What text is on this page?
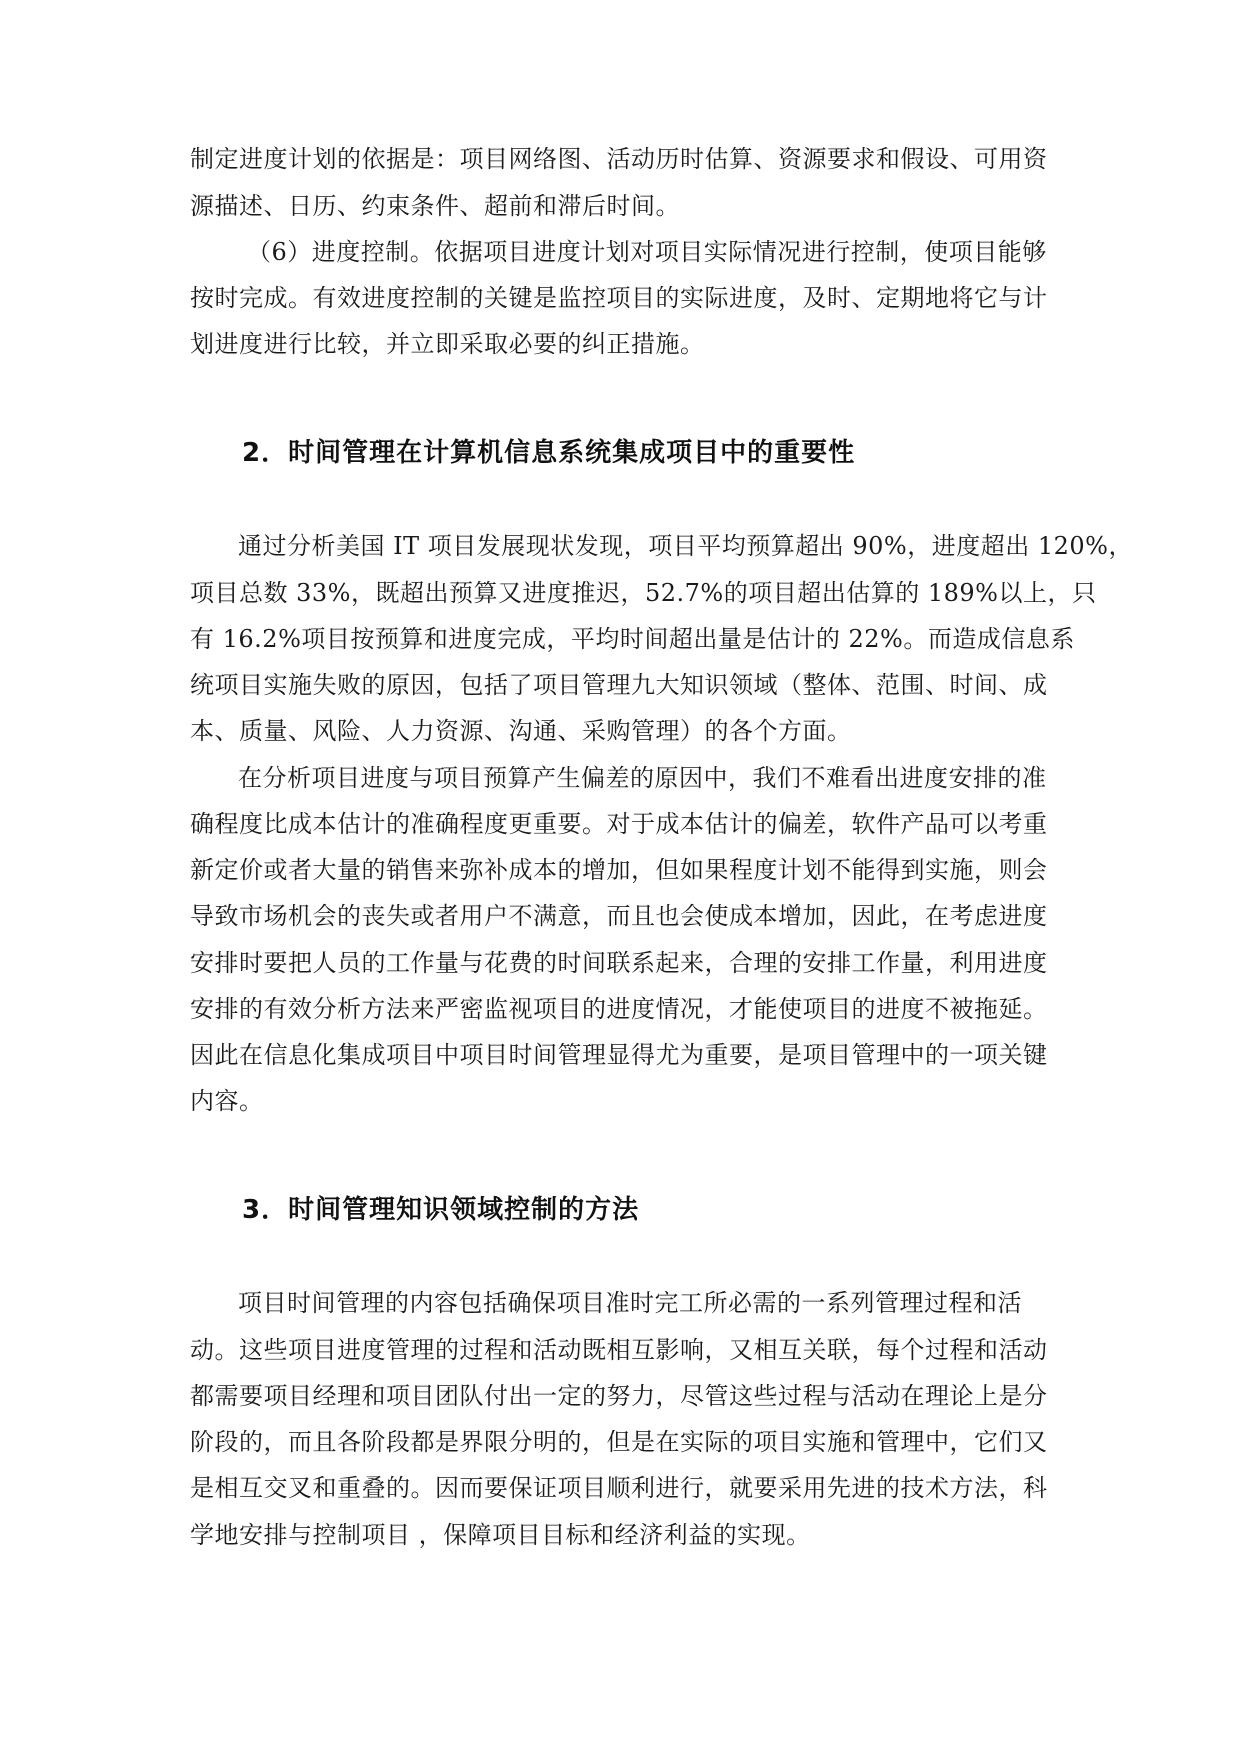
制定进度计划的依据是：项目网络图、活动历时估算、资源要求和假设、可用资
源描述、日历、约束条件、超前和滞后时间。
（6）进度控制。依据项目进度计划对项目实际情况进行控制，使项目能够
按时完成。有效进度控制的关键是监控项目的实际进度，及时、定期地将它与计
划进度进行比较，并立即采取必要的纠正措施。
2．时间管理在计算机信息系统集成项目中的重要性
通过分析美国 IT 项目发展现状发现，项目平均预算超出 90%，进度超出 120%，
项目总数 33%，既超出预算又进度推迟，52.7%的项目超出估算的 189%以上，只
有 16.2%项目按预算和进度完成，平均时间超出量是估计的 22%。而造成信息系
统项目实施失败的原因，包括了项目管理九大知识领域（整体、范围、时间、成
本、质量、风险、人力资源、沟通、采购管理）的各个方面。
在分析项目进度与项目预算产生偏差的原因中，我们不难看出进度安排的准
确程度比成本估计的准确程度更重要。对于成本估计的偏差，软件产品可以考重
新定价或者大量的销售来弥补成本的增加，但如果程度计划不能得到实施，则会
导致市场机会的丧失或者用户不满意，而且也会使成本增加，因此，在考虑进度
安排时要把人员的工作量与花费的时间联系起来，合理的安排工作量，利用进度
安排的有效分析方法来严密监视项目的进度情况，才能使项目的进度不被拖延。
因此在信息化集成项目中项目时间管理显得尤为重要，是项目管理中的一项关键
内容。
3．时间管理知识领域控制的方法
项目时间管理的内容包括确保项目准时完工所必需的一系列管理过程和活
动。这些项目进度管理的过程和活动既相互影响，又相互关联，每个过程和活动
都需要项目经理和项目团队付出一定的努力，尽管这些过程与活动在理论上是分
阶段的，而且各阶段都是界限分明的，但是在实际的项目实施和管理中，它们又
是相互交叉和重叠的。因而要保证项目顺利进行，就要采用先进的技术方法，科
学地安排与控制项目 ，保障项目目标和经济利益的实现。
